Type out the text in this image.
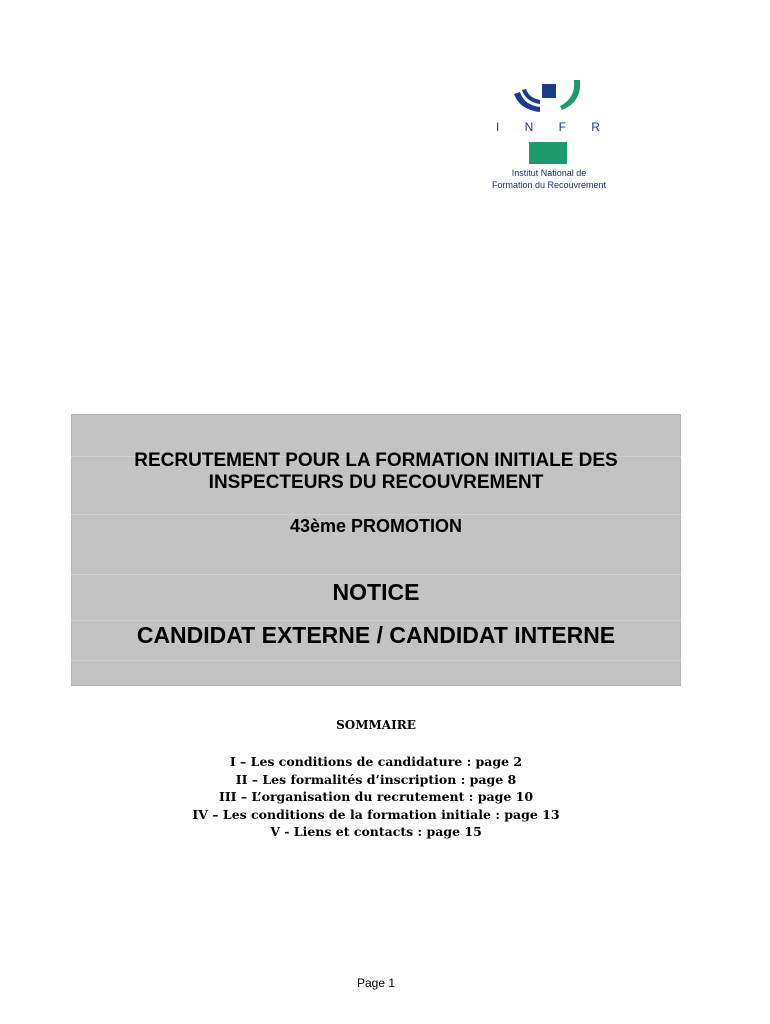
I N F R
Institut National de
Formation du Recouvrement
RECRUTEMENT POUR LA FORMATION INITIALE DES
INSPECTEURS DU RECOUVREMENT
43ème PROMOTION
NOTICE
CANDIDAT EXTERNE / CANDIDAT INTERNE
SOMMAIRE
I – Les conditions de candidature : page 2
II – Les formalités d’inscription : page 8
III – L’organisation du recrutement : page 10
IV – Les conditions de la formation initiale : page 13
V - Liens et contacts : page 15
Page 1
